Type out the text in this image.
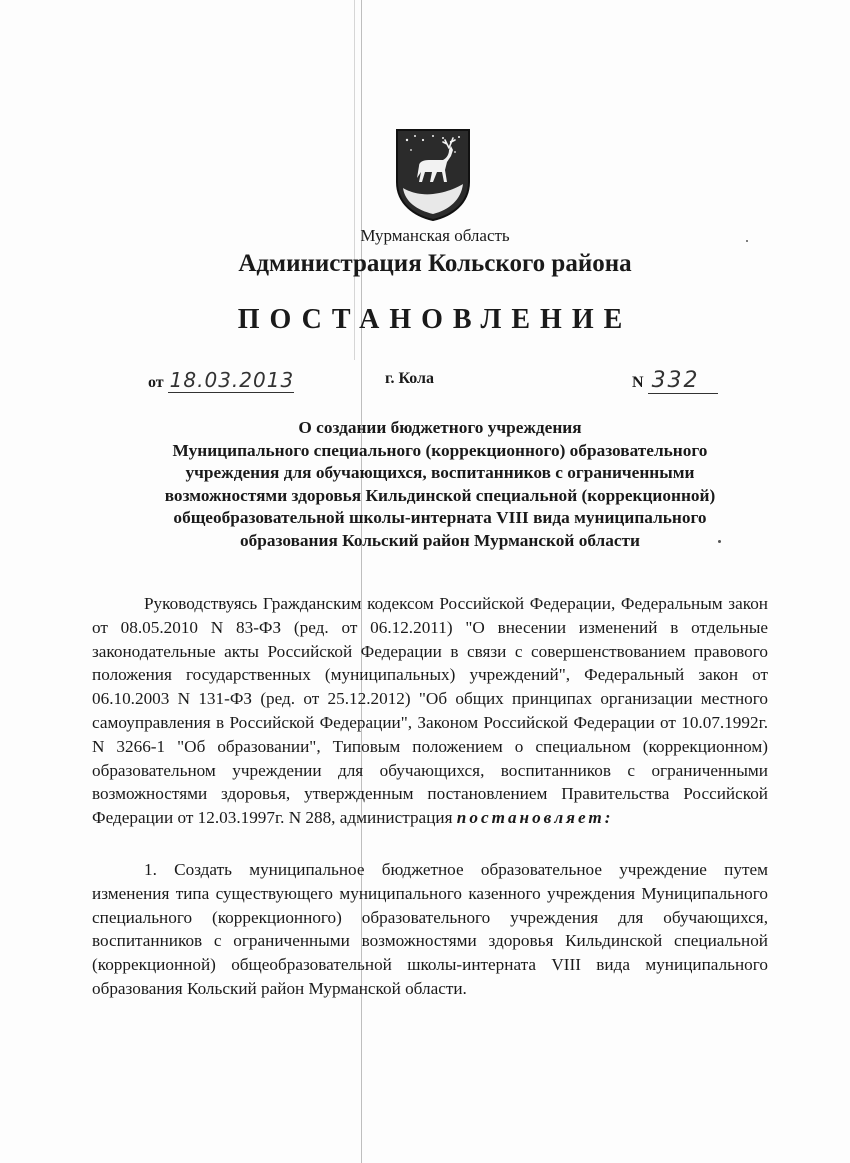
Мурманская область
Администрация Кольского района
ПОСТАНОВЛЕНИЕ
от 18.03.2013	г. Кола	N 332
О создании бюджетного учреждения
Муниципального специального (коррекционного) образовательного
учреждения для обучающихся, воспитанников с ограниченными
возможностями здоровья Кильдинской специальной (коррекционной)
общеобразовательной школы-интерната VIII вида муниципального
образования Кольский район Мурманской области

Руководствуясь Гражданским кодексом Российской Федерации, Федеральным закон от 08.05.2010 N 83-ФЗ (ред. от 06.12.2011) "О внесении изменений в отдельные законодательные акты Российской Федерации в связи с совершенствованием правового положения государственных (муниципальных) учреждений", Федеральный закон от 06.10.2003 N 131-ФЗ (ред. от 25.12.2012) "Об общих принципах организации местного самоуправления в Российской Федерации", Законом Российской Федерации от 10.07.1992г. N 3266-1 "Об образовании", Типовым положением о специальном (коррекционном) образовательном учреждении для обучающихся, воспитанников с ограниченными возможностями здоровья, утвержденным постановлением Правительства Российской Федерации от 12.03.1997г. N 288, администрация постановляет:

1. Создать муниципальное бюджетное образовательное учреждение путем изменения типа существующего муниципального казенного учреждения Муниципального специального (коррекционного) образовательного учреждения для обучающихся, воспитанников с ограниченными возможностями здоровья Кильдинской специальной (коррекционной) общеобразовательной школы-интерната VIII вида муниципального образования Кольский район Мурманской области.
